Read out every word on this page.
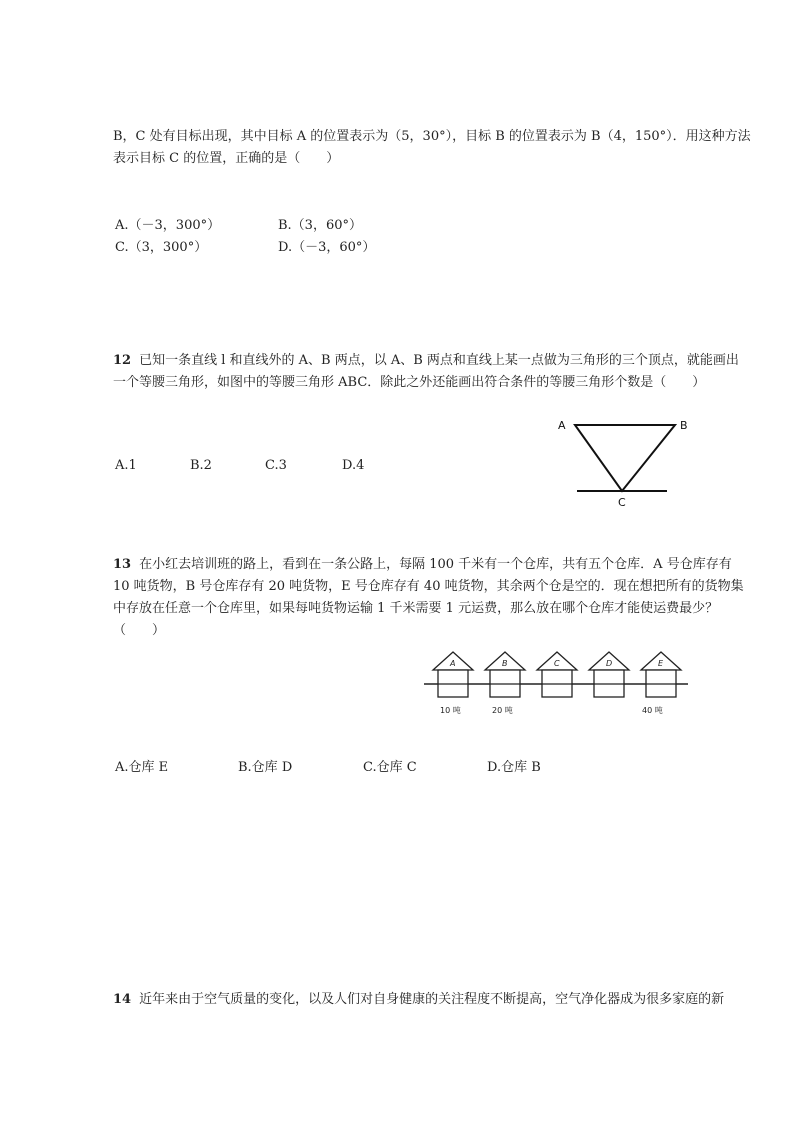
B，C 处有目标出现，其中目标 A 的位置表示为（5，30°），目标 B 的位置表示为 B（4，150°）．用这种方法
表示目标 C 的位置，正确的是（　　）
A.（－3，300°）	B.（3，60°）
C.（3，300°）	D.（－3，60°）
12 已知一条直线 l 和直线外的 A、B 两点，以 A、B 两点和直线上某一点做为三角形的三个顶点，就能画出
一个等腰三角形，如图中的等腰三角形 ABC．除此之外还能画出符合条件的等腰三角形个数是（　　）
A.1	B.2	C.3	D.4
A	B
C
13 在小红去培训班的路上，看到在一条公路上，每隔 100 千米有一个仓库，共有五个仓库．A 号仓库存有
10 吨货物，B 号仓库存有 20 吨货物，E 号仓库存有 40 吨货物，其余两个仓是空的．现在想把所有的货物集
中存放在任意一个仓库里，如果每吨货物运输 1 千米需要 1 元运费，那么放在哪个仓库才能使运费最少？
（　　）
A	B	C	D	E
10 吨	20 吨	40 吨
A.仓库 E	B.仓库 D	C.仓库 C	D.仓库 B
14 近年来由于空气质量的变化，以及人们对自身健康的关注程度不断提高，空气净化器成为很多家庭的新
